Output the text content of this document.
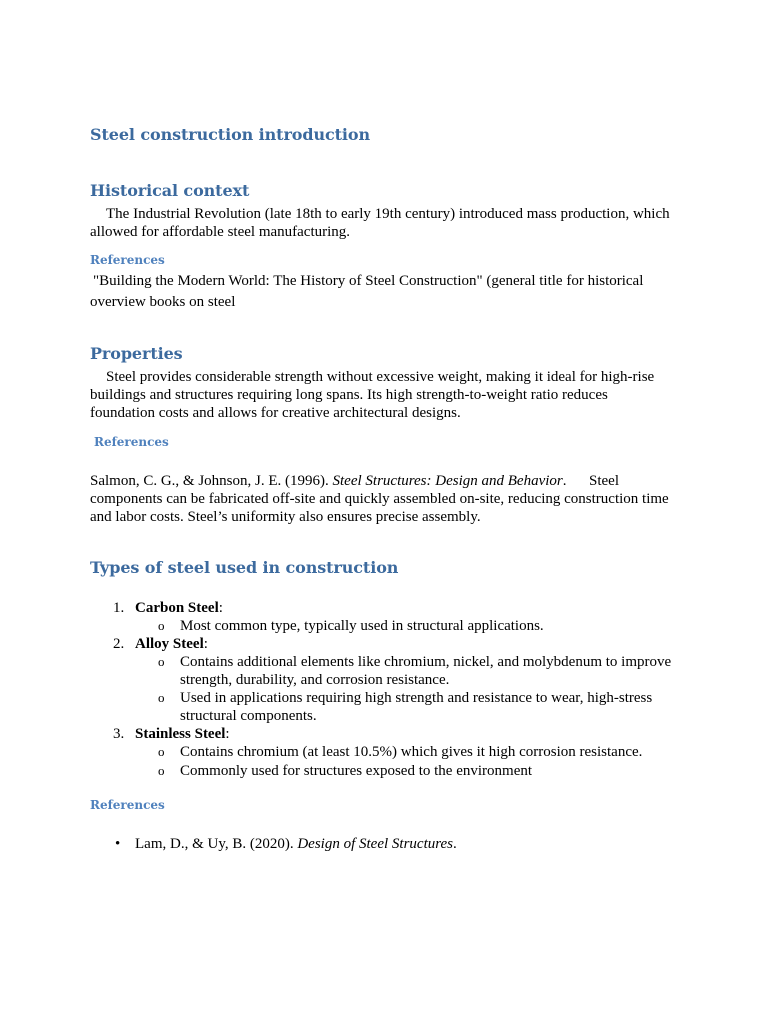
Steel construction introduction
Historical context
The Industrial Revolution (late 18th to early 19th century) introduced mass production, which allowed for affordable steel manufacturing.
References
"Building the Modern World: The History of Steel Construction" (general title for historical overview books on steel
Properties
Steel provides considerable strength without excessive weight, making it ideal for high-rise buildings and structures requiring long spans. Its high strength-to-weight ratio reduces foundation costs and allows for creative architectural designs.
References
Salmon, C. G., & Johnson, J. E. (1996). Steel Structures: Design and Behavior.      Steel components can be fabricated off-site and quickly assembled on-site, reducing construction time and labor costs. Steel’s uniformity also ensures precise assembly.
Types of steel used in construction
1. Carbon Steel:
o Most common type, typically used in structural applications.
2. Alloy Steel:
o Contains additional elements like chromium, nickel, and molybdenum to improve strength, durability, and corrosion resistance.
o Used in applications requiring high strength and resistance to wear, high-stress structural components.
3. Stainless Steel:
o Contains chromium (at least 10.5%) which gives it high corrosion resistance.
o Commonly used for structures exposed to the environment
References
• Lam, D., & Uy, B. (2020). Design of Steel Structures.
